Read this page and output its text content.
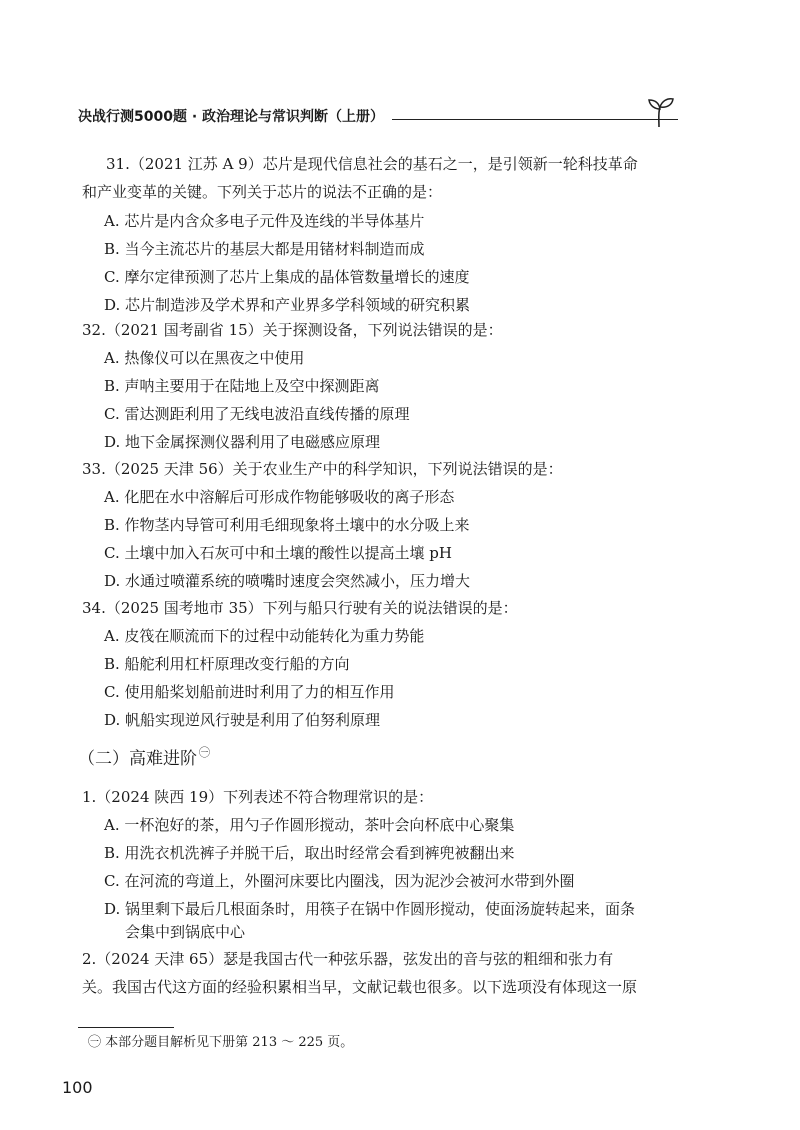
决战行测5000题 · 政治理论与常识判断（上册）
31.（2021 江苏 A 9）芯片是现代信息社会的基石之一，是引领新一轮科技革命
和产业变革的关键。下列关于芯片的说法不正确的是：
A. 芯片是内含众多电子元件及连线的半导体基片
B. 当今主流芯片的基层大都是用锗材料制造而成
C. 摩尔定律预测了芯片上集成的晶体管数量增长的速度
D. 芯片制造涉及学术界和产业界多学科领域的研究积累
32.（2021 国考副省 15）关于探测设备，下列说法错误的是：
A. 热像仪可以在黑夜之中使用
B. 声呐主要用于在陆地上及空中探测距离
C. 雷达测距利用了无线电波沿直线传播的原理
D. 地下金属探测仪器利用了电磁感应原理
33.（2025 天津 56）关于农业生产中的科学知识，下列说法错误的是：
A. 化肥在水中溶解后可形成作物能够吸收的离子形态
B. 作物茎内导管可利用毛细现象将土壤中的水分吸上来
C. 土壤中加入石灰可中和土壤的酸性以提高土壤 pH
D. 水通过喷灌系统的喷嘴时速度会突然减小，压力增大
34.（2025 国考地市 35）下列与船只行驶有关的说法错误的是：
A. 皮筏在顺流而下的过程中动能转化为重力势能
B. 船舵利用杠杆原理改变行船的方向
C. 使用船桨划船前进时利用了力的相互作用
D. 帆船实现逆风行驶是利用了伯努利原理
（二）高难进阶 $^㊀$
1.（2024 陕西 19）下列表述不符合物理常识的是：
A. 一杯泡好的茶，用勺子作圆形搅动，茶叶会向杯底中心聚集
B. 用洗衣机洗裤子并脱干后，取出时经常会看到裤兜被翻出来
C. 在河流的弯道上，外圈河床要比内圈浅，因为泥沙会被河水带到外圈
D. 锅里剩下最后几根面条时，用筷子在锅中作圆形搅动，使面汤旋转起来，面条
会集中到锅底中心
2.（2024 天津 65）瑟是我国古代一种弦乐器，弦发出的音与弦的粗细和张力有
关。我国古代这方面的经验积累相当早，文献记载也很多。以下选项没有体现这一原
㊀ 本部分题目解析见下册第 213 ～ 225 页。
100
